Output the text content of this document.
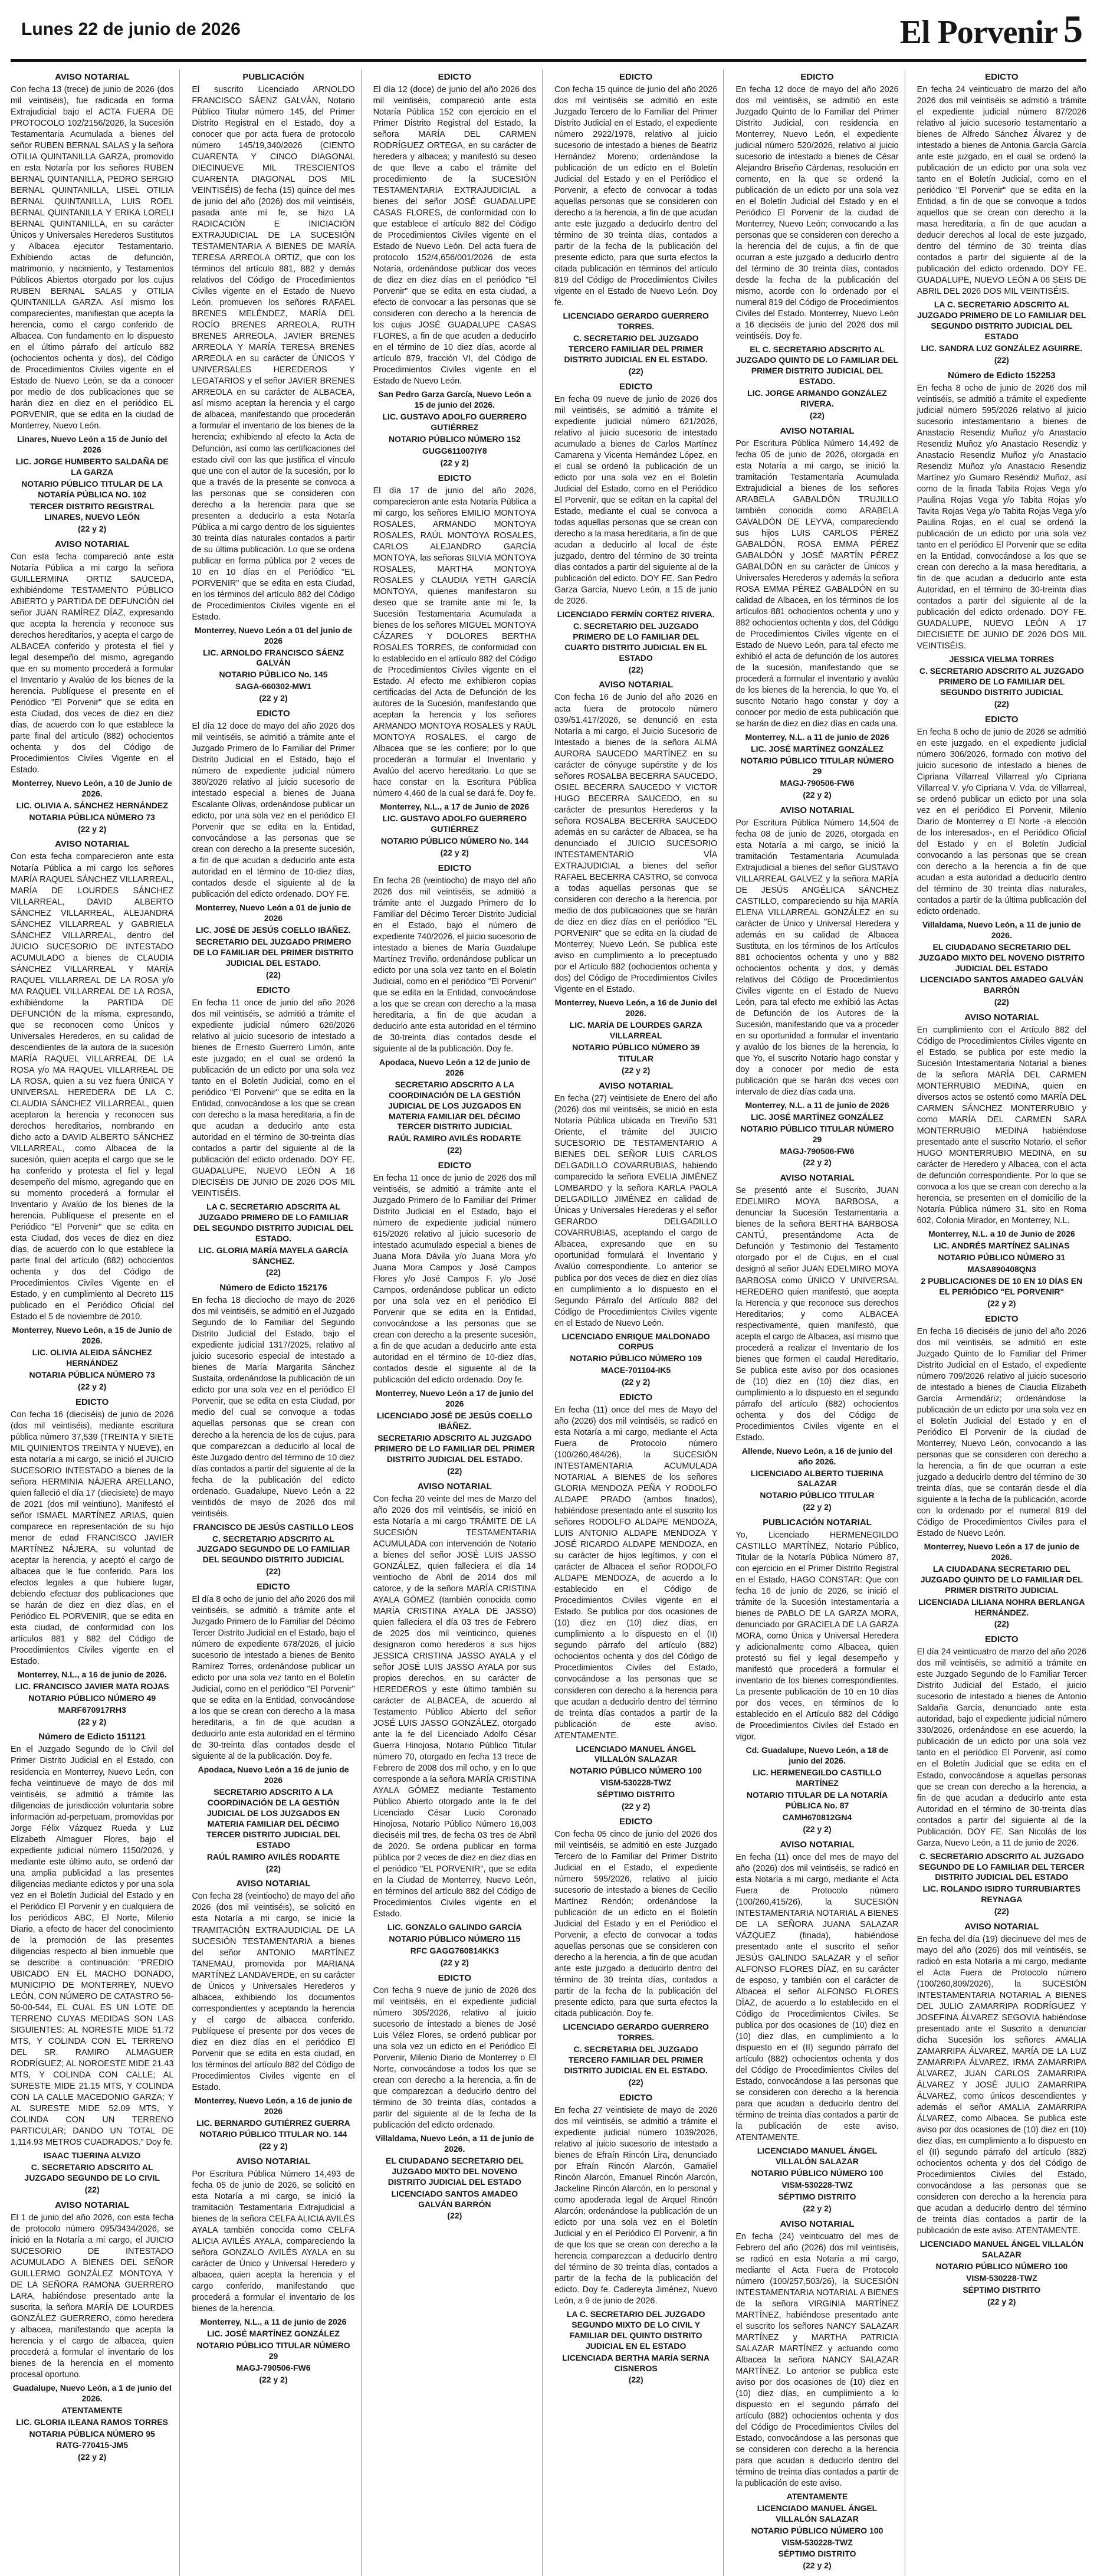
Lunes 22 de junio de 2026	El Porvenir 5
AVISO NOTARIAL

Con fecha 13 (trece) de junio de 2026 (dos mil veintiséis), fue radicada en forma Extrajudicial bajo el ACTA FUERA DE PROTOCOLO 102/2156/2026, la Sucesión Testamentaria Acumulada a bienes del señor RUBEN BERNAL SALAS y la señora OTILIA QUINTANILLA GARZA, promovido en esta Notaría por los señores RUBEN BERNAL QUINTANILLA, PEDRO SERGIO BERNAL QUINTANILLA, LISEL OTILIA BERNAL QUINTANILLA, LUIS ROEL BERNAL QUINTANILLA Y ERIKA LORELI BERNAL QUINTANILLA, en su carácter Únicos y Universales Herederos Sustitutos y Albacea ejecutor Testamentario. Exhibiendo actas de defunción, matrimonio, y nacimiento, y Testamentos Públicos Abiertos otorgado por los cujus RUBEN BERNAL SALAS y OTILIA QUINTANILLA GARZA. Así mismo los comparecientes, manifiestan que acepta la herencia, como el cargo conferido de Albacea. Con fundamento en lo dispuesto en el último párrafo del artículo 882 (ochocientos ochenta y dos), del Código de Procedimientos Civiles vigente en el Estado de Nuevo León, se da a conocer por medio de dos publicaciones que se harán diez en diez en el periódico EL PORVENIR, que se edita en la ciudad de Monterrey, Nuevo León.

Linares, Nuevo León a 15 de Junio del 2026
LIC. JORGE HUMBERTO SALDAÑA DE LA GARZA
NOTARIO PÚBLICO TITULAR DE LA NOTARÍA PÚBLICA NO. 102
TERCER DISTRITO REGISTRAL LINARES, NUEVO LEÓN
(22 y 2)
AVISO NOTARIAL

Con esta fecha compareció ante esta Notaría Pública a mi cargo la señora GUILLERMINA ORTIZ SAUCEDA, exhibiéndome TESTAMENTO PÚBLICO ABIERTO y PARTIDA DE DEFUNCIÓN del señor JUAN RAMÍREZ DÍAZ, expresando que acepta la herencia y reconoce sus derechos hereditarios, y acepta el cargo de ALBACEA conferido y protesta el fiel y legal desempeño del mismo, agregando que en su momento procederá a formular el Inventario y Avalúo de los bienes de la herencia. Publíquese el presente en el Periódico "El Porvenir" que se edita en esta Ciudad, dos veces de diez en diez días, de acuerdo con lo que establece la parte final del artículo (882) ochocientos ochenta y dos del Código de Procedimientos Civiles Vigente en el Estado.

Monterrey, Nuevo León, a 10 de Junio de 2026.
LIC. OLIVIA A. SÁNCHEZ HERNÁNDEZ
NOTARIA PÚBLICA NÚMERO 73
(22 y 2)
AVISO NOTARIAL

Con esta fecha comparecieron ante esta Notaría Pública a mi cargo los señores MARÍA RAQUEL SÁNCHEZ VILLARREAL, MARÍA DE LOURDES SÁNCHEZ VILLARREAL, DAVID ALBERTO SÁNCHEZ VILLARREAL, ALEJANDRA SÁNCHEZ VILLARREAL y GABRIELA SÁNCHEZ VILLARREAL, dentro del JUICIO SUCESORIO DE INTESTADO ACUMULADO a bienes de CLAUDIA SÁNCHEZ VILLARREAL Y MARÍA RAQUEL VILLARREAL DE LA ROSA y/o MA RAQUEL VILLARREAL DE LA ROSA, exhibiéndome la PARTIDA DE DEFUNCIÓN de la misma, expresando, que se reconocen como Únicos y Universales Herederos, en su calidad de descendientes de la autora de la sucesión MARÍA RAQUEL VILLARREAL DE LA ROSA y/o MA RAQUEL VILLARREAL DE LA ROSA, quien a su vez fuera ÚNICA Y UNIVERSAL HEREDERA DE LA C. CLAUDIA SÁNCHEZ VILLARREAL, quien aceptaron la herencia y reconocen sus derechos hereditarios, nombrando en dicho acto a DAVID ALBERTO SÁNCHEZ VILLARREAL, como Albacea de la sucesión, quien acepta el cargo que se le ha conferido y protesta el fiel y legal desempeño del mismo, agregando que en su momento procederá a formular el Inventario y Avalúo de los bienes de la herencia. Publíquese el presente en el Periódico "El Porvenir" que se edita en esta Ciudad, dos veces de diez en diez días, de acuerdo con lo que establece la parte final del artículo (882) ochocientos ochenta y dos del Código de Procedimientos Civiles Vigente en el Estado, y en cumplimiento al Decreto 115 publicado en el Periódico Oficial del Estado el 5 de noviembre de 2010.

Monterrey, Nuevo León, a 15 de Junio de 2026.
LIC. OLIVIA ALEIDA SÁNCHEZ HERNÁNDEZ
NOTARIA PÚBLICA NÚMERO 73
(22 y 2)
EDICTO

Con fecha 16 (dieciséis) de junio de 2026 (dos mil veintiséis), mediante escritura pública número 37,539 (TREINTA Y SIETE MIL QUINIENTOS TREINTA Y NUEVE), en esta notaría a mi cargo, se inició el JUICIO SUCESORIO INTESTADO a bienes de la señora HERMINIA NÁJERA ARELLANO, quien falleció el día 17 (diecisiete) de mayo de 2021 (dos mil veintiuno). Manifestó el señor ISMAEL MARTÍNEZ ARIAS, quien comparece en representación de su hijo menor de edad FRANCISCO JAVIER MARTÍNEZ NÁJERA, su voluntad de aceptar la herencia, y aceptó el cargo de albacea que le fue conferido. Para los efectos legales a que hubiere lugar, debiendo efectuar dos publicaciones que se harán de diez en diez días, en el Periódico EL PORVENIR, que se edita en esta ciudad, de conformidad con los artículos 881 y 882 del Código de Procedimientos Civiles vigente en el Estado.

Monterrey, N.L., a 16 de junio de 2026.
LIC. FRANCISCO JAVIER MATA ROJAS
NOTARIO PÚBLICO NÚMERO 49
MARF670917RH3
(22 y 2)
Número de Edicto 151121

En el Juzgado Segundo de lo Civil del Primer Distrito Judicial en el Estado, con residencia en Monterrey, Nuevo León, con fecha veintinueve de mayo de dos mil veintiséis, se admitió a trámite las diligencias de jurisdicción voluntaria sobre información ad-perpetuam, promovidas por Jorge Félix Vázquez Rueda y Luz Elizabeth Almaguer Flores, bajo el expediente judicial número 1150/2026, y mediante este último auto, se ordenó dar una amplia publicidad a las presentes diligencias mediante edictos y por una sola vez en el Boletín Judicial del Estado y en el Periódico El Porvenir y en cualquiera de los periódicos ABC, El Norte, Milenio Diario, a efecto de hacer del conocimiento de la promoción de las presentes diligencias respecto al bien inmueble que se describe a continuación: "PREDIO UBICADO EN EL MACHO DONADO, MUNICIPIO DE MONTERREY, NUEVO LEÓN, CON NÚMERO DE CATASTRO 56-50-00-544, EL CUAL ES UN LOTE DE TERRENO CUYAS MEDIDAS SON LAS SIGUIENTES: AL NORESTE MIDE 51.72 MTS, Y COLINDA CON EL TERRENO DEL SR. RAMIRO ALMAGUER RODRÍGUEZ; AL NOROESTE MIDE 21.43 MTS, Y COLINDA CON CALLE; AL SURESTE MIDE 21.15 MTS, Y COLINDA CON LA CALLE MACEDONIO GARZA; Y AL SURESTE MIDE 52.09 MTS, Y COLINDA CON UN TERRENO PARTICULAR; DANDO UN TOTAL DE 1,114.93 METROS CUADRADOS." Doy fe.

ISAAC TIJERINA ALVIZO
C. SECRETARIO ADSCRITO AL JUZGADO SEGUNDO DE LO CIVIL
(22)
AVISO NOTARIAL

El 1 de junio del año 2026, con esta fecha de protocolo número 095/3434/2026, se inició en la Notaría a mi cargo, el JUICIO SUCESORIO DE INTESTADO ACUMULADO A BIENES DEL SEÑOR GUILLERMO GONZÁLEZ MONTOYA Y DE LA SEÑORA RAMONA GUERRERO LARA, habiéndose presentado ante la suscrita, la señora MARÍA DE LOURDES GONZÁLEZ GUERRERO, como heredera y albacea, manifestando que acepta la herencia y el cargo de albacea, quien procederá a formular el inventario de los bienes de la herencia en el momento procesal oportuno.

Guadalupe, Nuevo León, a 1 de junio del 2026.
ATENTAMENTE
LIC. GLORIA ILEANA RAMOS TORRES
NOTARIA PÚBLICA NÚMERO 95
RATG-770415-JM5
(22 y 2)
PUBLICACIÓN

El suscrito Licenciado ARNOLDO FRANCISCO SÁENZ GALVÁN, Notario Público Titular número 145, del Primer Distrito Registral en el Estado, doy a conocer que por acta fuera de protocolo número 145/19,340/2026 (CIENTO CUARENTA Y CINCO DIAGONAL DIECINUEVE MIL TRESCIENTOS CUARENTA DIAGONAL DOS MIL VEINTISÉIS) de fecha (15) quince del mes de junio del año (2026) dos mil veintiséis, pasada ante mí fe, se hizo LA RADICACIÓN E INICIACIÓN EXTRAJUDICIAL DE LA SUCESIÓN TESTAMENTARIA A BIENES DE MARÍA TERESA ARREOLA ORTIZ, que con los términos del artículo 881, 882 y demás relativos del Código de Procedimientos Civiles vigente en el Estado de Nuevo León, promueven los señores RAFAEL BRENES MELÉNDEZ, MARÍA DEL ROCÍO BRENES ARREOLA, RUTH BRENES ARREOLA, JAVIER BRENES ARREOLA Y MARÍA TERESA BRENES ARREOLA en su carácter de ÚNICOS Y UNIVERSALES HEREDEROS Y LEGATARIOS y el señor JAVIER BRENES ARREOLA en su carácter de ALBACEA, así mismo aceptan la herencia y el cargo de albacea, manifestando que procederán a formular el inventario de los bienes de la herencia; exhibiendo al efecto la Acta de Defunción, así como las certificaciones del estado civil con las que justifica el vínculo que une con el autor de la sucesión, por lo que a través de la presente se convoca a las personas que se consideren con derecho a la herencia para que se presenten a deducirlo a esta Notaría Pública a mi cargo dentro de los siguientes 30 treinta días naturales contados a partir de su última publicación. Lo que se ordena publicar en forma pública por 2 veces de 10 en 10 días en el Periódico "EL PORVENIR" que se edita en esta Ciudad, en los términos del artículo 882 del Código de Procedimientos Civiles vigente en el Estado.

Monterrey, Nuevo León a 01 del junio de 2026
LIC. ARNOLDO FRANCISCO SÁENZ GALVÁN
NOTARIO PÚBLICO No. 145
SAGA-660302-MW1
(22 y 2)
EDICTO

El día 12 doce de mayo del año 2026 dos mil veintiséis, se admitió a trámite ante el Juzgado Primero de lo Familiar del Primer Distrito Judicial en el Estado, bajo el número de expediente judicial número 380/2026 relativo al juicio sucesorio de intestado especial a bienes de Juana Escalante Olivas, ordenándose publicar un edicto, por una sola vez en el periódico El Porvenir que se edita en la Entidad, convocándose a las personas que se crean con derecho a la presente sucesión, a fin de que acudan a deducirlo ante esta autoridad en el término de 10-diez días, contados desde el siguiente al de la publicación del edicto ordenado. DOY FE.

Monterrey, Nuevo León a 01 de junio de 2026
LIC. JOSÉ DE JESÚS COELLO IBÁÑEZ.
SECRETARIO DEL JUZGADO PRIMERO DE LO FAMILIAR DEL PRIMER DISTRITO JUDICIAL DEL ESTADO.
(22)
EDICTO

En fecha 11 once de junio del año 2026 dos mil veintiséis, se admitió a trámite el expediente judicial número 626/2026 relativo al juicio sucesorio de intestado a bienes de Ernesto Guerrero Limón, ante este juzgado; en el cual se ordenó la publicación de un edicto por una sola vez tanto en el Boletín Judicial, como en el periódico "El Porvenir" que se edita en la Entidad, convocándose a los que se crean con derecho a la masa hereditaria, a fin de que acudan a deducirlo ante esta autoridad en el término de 30-treinta días contados a partir del siguiente al de la publicación del edicto ordenado. DOY FE. GUADALUPE, NUEVO LEÓN A 16 DIECISÉIS DE JUNIO DE 2026 DOS MIL VEINTISÉIS.

LA C. SECRETARIO ADSCRITA AL JUZGADO PRIMERO DE LO FAMILIAR DEL SEGUNDO DISTRITO JUDICIAL DEL ESTADO.
LIC. GLORIA MARÍA MAYELA GARCÍA SÁNCHEZ.
(22)
Número de Edicto 152176

En fecha 18 dieciocho de mayo de 2026 dos mil veintiséis, se admitió en el Juzgado Segundo de lo Familiar del Segundo Distrito Judicial del Estado, bajo el expediente judicial 1317/2025, relativo al juicio sucesorio especial de intestado a bienes de María Margarita Sánchez Sustaita, ordenándose la publicación de un edicto por una sola vez en el periódico El Porvenir, que se edita en esta Ciudad, por medio del cual se convoque a todas aquellas personas que se crean con derecho a la herencia de los de cujus, para que comparezcan a deducirlo al local de éste Juzgado dentro del término de 10 diez días contados a partir del siguiente al de la fecha de la publicación del edicto ordenado. Guadalupe, Nuevo León a 22 veintidós de mayo de 2026 dos mil veintiséis.

FRANCISCO DE JESÚS CASTILLO LEOS
C. SECRETARIO ADSCRITO AL JUZGADO SEGUNDO DE LO FAMILIAR DEL SEGUNDO DISTRITO JUDICIAL
(22)
EDICTO

El día 8 ocho de junio del año 2026 dos mil veintiséis, se admitió a trámite ante el Juzgado Primero de lo Familiar del Décimo Tercer Distrito Judicial en el Estado, bajo el número de expediente 678/2026, el juicio sucesorio de intestado a bienes de Benito Ramírez Torres, ordenándose publicar un edicto por una sola vez tanto en el Boletín Judicial, como en el periódico "El Porvenir" que se edita en la Entidad, convocándose a los que se crean con derecho a la masa hereditaria, a fin de que acudan a deducirlo ante esta autoridad en el término de 30-treinta días contados desde el siguiente al de la publicación. Doy fe.

Apodaca, Nuevo León a 16 de junio de 2026
SECRETARIO ADSCRITO A LA COORDINACIÓN DE LA GESTIÓN JUDICIAL DE LOS JUZGADOS EN MATERIA FAMILIAR DEL DÉCIMO TERCER DISTRITO JUDICIAL DEL ESTADO
RAÚL RAMIRO AVILÉS RODARTE
(22)
AVISO NOTARIAL

Con fecha 28 (veintiocho) de mayo del año 2026 (dos mil veintiséis), se solicitó en esta Notaría a mi cargo, se inicie la TRAMITACIÓN EXTRAJUDICIAL DE LA SUCESIÓN TESTAMENTARIA a bienes del señor ANTONIO MARTÍNEZ TANEMAU, promovida por MARIANA MARTÍNEZ LANDAVERDE, en su carácter de Únicos y Universales Herederos y albacea, exhibiendo los documentos correspondientes y aceptando la herencia y el cargo de albacea conferido. Publíquese el presente por dos veces de diez en diez días en el periódico El Porvenir que se edita en esta ciudad, en los términos del artículo 882 del Código de Procedimientos Civiles vigente en el Estado.

Monterrey, Nuevo León, a 16 de junio de 2026
LIC. BERNARDO GUTIÉRREZ GUERRA
NOTARIO PÚBLICO TITULAR NO. 144
(22 y 2)
AVISO NOTARIAL

Por Escritura Pública Número 14,493 de fecha 05 de junio de 2026, se solicitó en esta Notaría a mi cargo, se inició la tramitación Testamentaria Extrajudicial a bienes de la señora CELFA ALICIA AVILÉS AYALA también conocida como CELFA ALICIA AVILÉS AYALA, compareciendo la señora GONZALO AVILÉS AYALA en su carácter de Único y Universal Heredero y albacea, quien acepta la herencia y el cargo conferido, manifestando que procederá a formular el inventario de los bienes de la herencia.

Monterrey, N.L., a 11 de junio de 2026
LIC. JOSÉ MARTÍNEZ GONZÁLEZ
NOTARIO PÚBLICO TITULAR NÚMERO 29
MAGJ-790506-FW6
(22 y 2)
EDICTO

El día 12 (doce) de junio del año 2026 dos mil veintiséis, compareció ante esta Notaría Pública 152 con ejercicio en el Primer Distrito Registral del Estado, la señora MARÍA DEL CARMEN RODRÍGUEZ ORTEGA, en su carácter de heredera y albacea; y manifestó su deseo de que lleve a cabo el trámite del procedimiento de la SUCESIÓN TESTAMENTARIA EXTRAJUDICIAL a bienes del señor JOSÉ GUADALUPE CASAS FLORES, de conformidad con lo que establece el artículo 882 del Código de Procedimientos Civiles vigente en el Estado de Nuevo León. Del acta fuera de protocolo 152/4,656/001/2026 de esta Notaría, ordenándose publicar dos veces de diez en diez días en el periódico "El Porvenir" que se edita en esta ciudad, a efecto de convocar a las personas que se consideren con derecho a la herencia de los cujus JOSÉ GUADALUPE CASAS FLORES, a fin de que acuden a deducirlo en el término de 10 diez días, acorde al artículo 879, fracción VI, del Código de Procedimientos Civiles vigente en el Estado de Nuevo León.

San Pedro Garza García, Nuevo León a 15 de junio del 2026.
LIC. GUSTAVO ADOLFO GUERRERO GUTIÉRREZ
NOTARIO PÚBLICO NÚMERO 152
GUGG611007IY8
(22 y 2)
EDICTO

El día 17 de junio del año 2026, comparecieron ante esta Notaría Pública a mi cargo, los señores EMILIO MONTOYA ROSALES, ARMANDO MONTOYA ROSALES, RAÚL MONTOYA ROSALES, CARLOS ALEJANDRO GARCÍA MONTOYA, las señoras SILVIA MONTOYA ROSALES, MARTHA MONTOYA ROSALES y CLAUDIA YETH GARCÍA MONTOYA, quienes manifestaron su deseo que se tramite ante mi fe, la Sucesión Testamentaria Acumulada a bienes de los señores MIGUEL MONTOYA CÁZARES Y DOLORES BERTHA ROSALES TORRES, de conformidad con lo establecido en el artículo 882 del Código de Procedimientos Civiles vigente en el Estado. Al efecto me exhibieron copias certificadas del Acta de Defunción de los autores de la Sucesión, manifestando que aceptan la herencia y los señores ARMANDO MONTOYA ROSALES y RAÚL MONTOYA ROSALES, el cargo de Albacea que se les confiere; por lo que procederán a formular el Inventario y Avalúo del acervo hereditario. Lo que se hace constar en la Escritura Pública número 4,460 de la cual se dará fe. Doy fe.

Monterrey, N.L., a 17 de Junio de 2026
LIC. GUSTAVO ADOLFO GUERRERO GUTIÉRREZ
NOTARIO PÚBLICO NÚMERO No. 144
(22 y 2)
EDICTO

En fecha 28 (veintiocho) de mayo del año 2026 dos mil veintiséis, se admitió a trámite ante el Juzgado Primero de lo Familiar del Décimo Tercer Distrito Judicial en el Estado, bajo el número de expediente 740/2026, el juicio sucesorio de intestado a bienes de María Guadalupe Martínez Treviño, ordenándose publicar un edicto por una sola vez tanto en el Boletín Judicial, como en el periódico "El Porvenir" que se edita en la Entidad, convocándose a los que se crean con derecho a la masa hereditaria, a fin de que acudan a deducirlo ante esta autoridad en el término de 30-treinta días contados desde el siguiente al de la publicación. Doy fe.

Apodaca, Nuevo León a 12 de junio de 2026
SECRETARIO ADSCRITO A LA COORDINACIÓN DE LA GESTIÓN JUDICIAL DE LOS JUZGADOS EN MATERIA FAMILIAR DEL DÉCIMO TERCER DISTRITO JUDICIAL
RAÚL RAMIRO AVILÉS RODARTE
(22)
EDICTO

En fecha 11 once de junio de 2026 dos mil veintiséis, se admitió a trámite ante el Juzgado Primero de lo Familiar del Primer Distrito Judicial en el Estado, bajo el número de expediente judicial número 615/2026 relativo al juicio sucesorio de intestado acumulado especial a bienes de Juana Mora Dávila y/o Juana Mora y/o Juana Mora Campos y José Campos Flores y/o José Campos F. y/o José Campos, ordenándose publicar un edicto por una sola vez en el periódico El Porvenir que se edita en la Entidad, convocándose a las personas que se crean con derecho a la presente sucesión, a fin de que acudan a deducirlo ante esta autoridad en el término de 10-diez días, contados desde el siguiente al de la publicación del edicto ordenado. Doy fe.

Monterrey, Nuevo León a 17 de junio del 2026
LICENCIADO JOSÉ DE JESÚS COELLO IBÁÑEZ.
SECRETARIO ADSCRITO AL JUZGADO PRIMERO DE LO FAMILIAR DEL PRIMER DISTRITO JUDICIAL DEL ESTADO.
(22)
AVISO NOTARIAL

Con fecha 20 veinte del mes de Marzo del año 2026 dos mil veintiséis, se inició en esta Notaría a mi cargo TRÁMITE DE LA SUCESIÓN TESTAMENTARIA ACUMULADA con intervención de Notario a bienes del señor JOSÉ LUIS JASSO GONZÁLEZ, quien falleciera el día 14 veintiocho de Abril de 2014 dos mil catorce, y de la señora MARÍA CRISTINA AYALA GÓMEZ (también conocida como MARÍA CRISTINA AYALA DE JASSO) quien falleciera el día 03 tres de Febrero de 2025 dos mil veinticinco, quienes designaron como herederos a sus hijos JESSICA CRISTINA JASSO AYALA y el señor JOSÉ LUIS JASSO AYALA por sus propios derechos, en su carácter de HEREDEROS y este último también su carácter de ALBACEA, de acuerdo al Testamento Público Abierto del señor JOSÉ LUIS JASSO GONZÁLEZ, otorgado ante la fe del Licenciado Adolfo César Guerra Hinojosa, Notario Público Titular número 70, otorgado en fecha 13 trece de Febrero de 2008 dos mil ocho, y en lo que corresponde a la señora MARÍA CRISTINA AYALA GÓMEZ mediante Testamento Público Abierto otorgado ante la fe del Licenciado César Lucio Coronado Hinojosa, Notario Público Número 16,003 dieciséis mil tres, de fecha 03 tres de Abril de 2020. Se ordena publicar en forma pública por 2 veces de diez en diez días en el periódico "EL PORVENIR", que se edita en la Ciudad de Monterrey, Nuevo León, en términos del artículo 882 del Código de Procedimientos Civiles vigente en el Estado.

LIC. GONZALO GALINDO GARCÍA
NOTARIO PÚBLICO NÚMERO 115
RFC GAGG760814KK3
(22 y 2)
EDICTO

Con fecha 9 nueve de junio de 2026 dos mil veintiséis, en el expediente judicial número 305/2026, relativo al juicio sucesorio de intestado a bienes de José Luis Vélez Flores, se ordenó publicar por una sola vez un edicto en el Periódico El Porvenir, Milenio Diario de Monterrey o El Norte, convocándose a todos los que se crean con derecho a la herencia, a fin de que comparezcan a deducirlo dentro del término de 30 treinta días, contados a partir del siguiente al de la fecha de la publicación del edicto ordenado.

Villaldama, Nuevo León, a 11 de junio de 2026.
EL CIUDADANO SECRETARIO DEL JUZGADO MIXTO DEL NOVENO DISTRITO JUDICIAL DEL ESTADO
LICENCIADO SANTOS AMADEO GALVÁN BARRÓN
(22)
EDICTO

Con fecha 15 quince de junio del año 2026 dos mil veintiséis se admitió en este Juzgado Tercero de lo Familiar del Primer Distrito Judicial en el Estado, el expediente número 2922/1978, relativo al juicio sucesorio de intestado a bienes de Beatriz Hernández Moreno; ordenándose la publicación de un edicto en el Boletín Judicial del Estado y en el Periódico el Porvenir, a efecto de convocar a todas aquellas personas que se consideren con derecho a la herencia, a fin de que acudan ante este juzgado a deducirlo dentro del término de 30 treinta días, contados a partir de la fecha de la publicación del presente edicto, para que surta efectos la citada publicación en términos del artículo 819 del Código de Procedimientos Civiles vigente en el Estado de Nuevo León. Doy fe.

LICENCIADO GERARDO GUERRERO TORRES.
C. SECRETARIO DEL JUZGADO TERCERO FAMILIAR DEL PRIMER DISTRITO JUDICIAL EN EL ESTADO.
(22)
EDICTO

En fecha 09 nueve de junio de 2026 dos mil veintiséis, se admitió a trámite el expediente judicial número 621/2026, relativo al juicio sucesorio de intestado acumulado a bienes de Carlos Martínez Camarena y Vicenta Hernández López, en el cual se ordenó la publicación de un edicto por una sola vez en el Boletín Judicial del Estado, como en el Periódico El Porvenir, que se editan en la capital del Estado, mediante el cual se convoca a todas aquellas personas que se crean con derecho a la masa hereditaria, a fin de que acudan a deducirlo al local de éste juzgado, dentro del término de 30 treinta días contados a partir del siguiente al de la publicación del edicto. DOY FE. San Pedro Garza García, Nuevo León, a 15 de junio de 2026.

LICENCIADO FERMÍN CORTEZ RIVERA.
C. SECRETARIO DEL JUZGADO PRIMERO DE LO FAMILIAR DEL CUARTO DISTRITO JUDICIAL EN EL ESTADO
(22)
AVISO NOTARIAL

Con fecha 16 de Junio del año 2026 en acta fuera de protocolo número 039/51.417/2026, se denunció en esta Notaría a mi cargo, el Juicio Sucesorio de Intestado a bienes de la señora ALMA AURORA SAUCEDO MARTÍNEZ en su carácter de cónyuge supérstite y de los señores ROSALBA BECERRA SAUCEDO, OSIEL BECERRA SAUCEDO Y VICTOR HUGO BECERRA SAUCEDO, en su carácter de presuntos Herederos y la señora ROSALBA BECERRA SAUCEDO además en su carácter de Albacea, se ha denunciado el JUICIO SUCESORIO INTESTAMENTARIO VÍA EXTRAJUDICIAL a bienes del señor RAFAEL BECERRA CASTRO, se convoca a todas aquellas personas que se consideren con derecho a la herencia, por medio de dos publicaciones que se harán de diez en diez días en el periódico "EL PORVENIR" que se edita en la ciudad de Monterrey, Nuevo León. Se publica este aviso en cumplimiento a lo preceptuado por el Artículo 882 (ochocientos ochenta y dos) del Código de Procedimientos Civiles Vigente en el Estado.

Monterrey, Nuevo León, a 16 de Junio del 2026.
LIC. MARÍA DE LOURDES GARZA VILLARREAL
NOTARIO PÚBLICO NÚMERO 39
TITULAR
(22 y 2)
AVISO NOTARIAL

En fecha (27) veintisiete de Enero del año (2026) dos mil veintiséis, se inició en esta Notaría Pública ubicada en Treviño 531 Oriente, el trámite del JUICIO SUCESORIO DE TESTAMENTARIO A BIENES DEL SEÑOR LUIS CARLOS DELGADILLO COVARRUBIAS, habiendo comparecido la señora EVELIA JIMÉNEZ LOMBARDO y la señora KARLA PAOLA DELGADILLO JIMÉNEZ en calidad de Únicas y Universales Herederas y el señor GERARDO DELGADILLO COVARRUBIAS, aceptando el cargo de Albacea, expresando que en su oportunidad formulará el Inventario y Avalúo correspondiente. Lo anterior se publica por dos veces de diez en diez días en cumplimiento a lo dispuesto en el Segundo Párrafo del Artículo 882 del Código de Procedimientos Civiles vigente en el Estado de Nuevo León.

LICENCIADO ENRIQUE MALDONADO CORPUS
NOTARIO PÚBLICO NÚMERO 109
MACE-701104-IK5
(22 y 2)
EDICTO

En fecha (11) once del mes de Mayo del año (2026) dos mil veintiséis, se radicó en esta Notaría a mi cargo, mediante el Acta Fuera de Protocolo número (100/260,464/26), la SUCESIÓN INTESTAMENTARIA ACUMULADA NOTARIAL A BIENES de los señores GLORIA MENDOZA PEÑA Y RODOLFO ALDAPE PRADO (ambos finados), habiéndose presentado ante el suscrito los señores RODOLFO ALDAPE MENDOZA, LUIS ANTONIO ALDAPE MENDOZA Y JOSÉ RICARDO ALDAPE MENDOZA, en su carácter de hijos legítimos, y con el carácter de Albacea el señor RODOLFO ALDAPE MENDOZA, de acuerdo a lo establecido en el Código de Procedimientos Civiles vigente en el Estado. Se publica por dos ocasiones de (10) diez en (10) diez días, en cumplimiento a lo dispuesto en el (II) segundo párrafo del artículo (882) ochocientos ochenta y dos del Código de Procedimientos Civiles del Estado, convocándose a las personas que se consideren con derecho a la herencia para que acudan a deducirlo dentro del término de treinta días contados a partir de la publicación de este aviso. ATENTAMENTE.

LICENCIADO MANUEL ÁNGEL VILLALÓN SALAZAR
NOTARIO PÚBLICO NÚMERO 100
VISM-530228-TWZ
SÉPTIMO DISTRITO
(22 y 2)
EDICTO

Con fecha 05 cinco de junio del 2026 dos mil veintiséis, se admitió en este Juzgado Tercero de lo Familiar del Primer Distrito Judicial en el Estado, el expediente número 595/2026, relativo al juicio sucesorio de intestado a bienes de Cecilio Martínez Rendón; ordenándose la publicación de un edicto en el Boletín Judicial del Estado y en el Periódico el Porvenir, a efecto de convocar a todas aquellas personas que se consideren con derecho a la herencia, a fin de que acudan ante este juzgado a deducirlo dentro del término de 30 treinta días, contados a partir de la fecha de la publicación del presente edicto, para que surta efectos la citada publicación. Doy fe.

LICENCIADO GERARDO GUERRERO TORRES.
C. SECRETARIA DEL JUZGADO TERCERO FAMILIAR DEL PRIMER DISTRITO JUDICIAL EN EL ESTADO.
(22)
EDICTO

En fecha 27 veintisiete de mayo de 2026 dos mil veintiséis, se admitió a trámite el expediente judicial número 1039/2026, relativo al juicio sucesorio de intestado a bienes de Efraín Rincón Lira, denunciado por Efraín Rincón Alarcón, Gamaliel Rincón Alarcón, Emanuel Rincón Alarcón, Jackeline Rincón Alarcón, en lo personal y como apoderada legal de Arquel Rincón Alarcón; ordenándose la publicación de un edicto por una sola vez en el Boletín Judicial y en el Periódico El Porvenir, a fin de que los que se crean con derecho a la herencia comparezcan a deducirlo dentro del término de 30 treinta días, contados a partir de la fecha de la publicación del edicto. Doy fe. Cadereyta Jiménez, Nuevo León, a 9 de junio de 2026.

LA C. SECRETARIO DEL JUZGADO SEGUNDO MIXTO DE LO CIVIL Y FAMILIAR DEL QUINTO DISTRITO JUDICIAL EN EL ESTADO
LICENCIADA BERTHA MARÍA SERNA CISNEROS
(22)
EDICTO

En fecha 12 doce de mayo del año 2026 dos mil veintiséis, se admitió en este Juzgado Quinto de lo Familiar del Primer Distrito Judicial, con residencia en Monterrey, Nuevo León, el expediente judicial número 520/2026, relativo al juicio sucesorio de intestado a bienes de César Alejandro Briseño Cárdenas, resolución en comento, en la que se ordenó la publicación de un edicto por una sola vez en el Boletín Judicial del Estado y en el Periódico El Porvenir de la ciudad de Monterrey, Nuevo León; convocando a las personas que se consideren con derecho a la herencia del de cujus, a fin de que ocurran a este juzgado a deducirlo dentro del término de 30 treinta días, contados desde la fecha de la publicación del mismo, acorde con lo ordenado por el numeral 819 del Código de Procedimientos Civiles del Estado. Monterrey, Nuevo León a 16 dieciséis de junio del 2026 dos mil veintiséis. Doy fe.

EL C. SECRETARIO ADSCRITO AL JUZGADO QUINTO DE LO FAMILIAR DEL PRIMER DISTRITO JUDICIAL DEL ESTADO.
LIC. JORGE ARMANDO GONZÁLEZ RIVERA.
(22)
AVISO NOTARIAL

Por Escritura Pública Número 14,492 de fecha 05 de junio de 2026, otorgada en esta Notaría a mi cargo, se inició la tramitación Testamentaria Acumulada Extrajudicial a bienes de los señores ARABELA GABALDÓN TRUJILLO también conocida como ARABELA GAVALDÓN DE LEYVA, compareciendo sus hijos LUIS CARLOS PÉREZ GABALDÓN, ROSA EMMA PÉREZ GABALDÓN y JOSÉ MARTÍN PÉREZ GABALDÓN en su carácter de Únicos y Universales Herederos y además la señora ROSA EMMA PÉREZ GABALDÓN en su calidad de Albacea, en los términos de los artículos 881 ochocientos ochenta y uno y 882 ochocientos ochenta y dos, del Código de Procedimientos Civiles vigente en el Estado de Nuevo León, para tal efecto me exhibió el acta de defunción de los autores de la sucesión, manifestando que se procederá a formular el inventario y avalúo de los bienes de la herencia, lo que Yo, el suscrito Notario hago constar y doy a conocer por medio de esta publicación que se harán de diez en diez días en cada una.

Monterrey, N.L. a 11 de junio de 2026
LIC. JOSÉ MARTÍNEZ GONZÁLEZ
NOTARIO PÚBLICO TITULAR NÚMERO 29
MAGJ-790506-FW6
(22 y 2)
AVISO NOTARIAL

Por Escritura Pública Número 14,504 de fecha 08 de junio de 2026, otorgada en esta Notaría a mi cargo, se inició la tramitación Testamentaria Acumulada Extrajudicial a bienes del señor GUSTAVO VILLARREAL GALVEZ y la señora MARÍA DE JESÚS ANGÉLICA SÁNCHEZ CASTILLO, compareciendo su hija MARÍA ELENA VILLARREAL GONZÁLEZ en su carácter de Único y Universal Heredera y además en su calidad de Albacea Sustituta, en los términos de los Artículos 881 ochocientos ochenta y uno y 882 ochocientos ochenta y dos, y demás relativos del Código de Procedimientos Civiles vigente en el Estado de Nuevo León, para tal efecto me exhibió las Actas de Defunción de los Autores de la Sucesión, manifestando que va a proceder en su oportunidad a formular el inventario y avalúo de los bienes de la herencia, lo que Yo, el suscrito Notario hago constar y doy a conocer por medio de esta publicación que se harán dos veces con intervalo de diez días cada una.

Monterrey, N.L. a 11 de junio de 2026
LIC. JOSÉ MARTÍNEZ GONZÁLEZ
NOTARIO PÚBLICO TITULAR NÚMERO 29
MAGJ-790506-FW6
(22 y 2)
AVISO NOTARIAL

Se presentó ante el Suscrito, JUAN EDELMIRO MOYA BARBOSA, a denunciar la Sucesión Testamentaria a bienes de la señora BERTHA BARBOSA CANTÚ, presentándome Acta de Defunción y Testimonio del Testamento otorgado por el de Cujus, en el cual designó al señor JUAN EDELMIRO MOYA BARBOSA como ÚNICO Y UNIVERSAL HEREDERO quien manifestó, que acepta la Herencia y que reconoce sus derechos Hereditarios; y como ALBACEA respectivamente, quien manifestó, que acepta el cargo de Albacea, así mismo que procederá a realizar el Inventario de los bienes que formen el caudal Hereditario. Se publica este aviso por dos ocasiones de (10) diez en (10) diez días, en cumplimiento a lo dispuesto en el segundo párrafo del artículo (882) ochocientos ochenta y dos del Código de Procedimientos Civiles vigente en el Estado.

Allende, Nuevo León, a 16 de junio del año 2026.
LICENCIADO ALBERTO TIJERINA SALAZAR
NOTARIO PÚBLICO TITULAR
(22 y 2)
PUBLICACIÓN NOTARIAL

Yo, Licenciado HERMENEGILDO CASTILLO MARTÍNEZ, Notario Público, Titular de la Notaría Pública Número 87, con ejercicio en el Primer Distrito Registral en el Estado, HAGO CONSTAR: Que con fecha 16 de junio de 2026, se inició el trámite de la Sucesión Intestamentaria a bienes de PABLO DE LA GARZA MORA, denunciado por GRACIELA DE LA GARZA MORA, como Única y Universal Heredera y adicionalmente como Albacea, quien protestó su fiel y legal desempeño y manifestó que procederá a formular el inventario de los bienes correspondientes. La presente publicación de 10 en 10 días por dos veces, en términos de lo establecido en el Artículo 882 del Código de Procedimientos Civiles del Estado en vigor.

Cd. Guadalupe, Nuevo León, a 18 de junio del 2026.
LIC. HERMENEGILDO CASTILLO MARTÍNEZ
NOTARIO TITULAR DE LA NOTARÍA PÚBLICA No. 87
CAMH670812GN4
(22 y 2)
AVISO NOTARIAL

En fecha (11) once del mes de mayo del año (2026) dos mil veintiséis, se radicó en esta Notaría a mi cargo, mediante el Acta Fuera de Protocolo número (100/260,415/26), la SUCESIÓN INTESTAMENTARIA NOTARIAL A BIENES DE LA SEÑORA JUANA SALAZAR VÁZQUEZ (finada), habiéndose presentado ante el suscrito el señor JESÚS GALINDO SALAZAR y el señor ALFONSO FLORES DÍAZ, en su carácter de esposo, y también con el carácter de Albacea el señor ALFONSO FLORES DÍAZ, de acuerdo a lo establecido en el Código de Procedimientos Civiles. Se publica por dos ocasiones de (10) diez en (10) diez días, en cumplimiento a lo dispuesto en el (II) segundo párrafo del artículo (882) ochocientos ochenta y dos del Código de Procedimientos Civiles del Estado, convocándose a las personas que se consideren con derecho a la herencia para que acudan a deducirlo dentro del término de treinta días contados a partir de la publicación de este aviso. ATENTAMENTE.

LICENCIADO MANUEL ÁNGEL VILLALÓN SALAZAR
NOTARIO PÚBLICO NÚMERO 100
VISM-530228-TWZ
SÉPTIMO DISTRITO
(22 y 2)
AVISO NOTARIAL

En fecha (24) veinticuatro del mes de Febrero del año (2026) dos mil veintiséis, se radicó en esta Notaría a mi cargo, mediante el Acta Fuera de Protocolo número (100/257,503/26), la SUCESIÓN INTESTAMENTARIA NOTARIAL A BIENES de la señora VIRGINIA MARTÍNEZ MARTÍNEZ, habiéndose presentado ante el suscrito los señores NANCY SALAZAR MARTÍNEZ y MARTHA PATRICIA SALAZAR MARTÍNEZ y actuando como Albacea la señora NANCY SALAZAR MARTÍNEZ. Lo anterior se publica este aviso por dos ocasiones de (10) diez en (10) diez días, en cumplimiento a lo dispuesto en el segundo párrafo del artículo (882) ochocientos ochenta y dos del Código de Procedimientos Civiles del Estado, convocándose a las personas que se consideren con derecho a la herencia para que acudan a deducirlo dentro del término de treinta días contados a partir de la publicación de este aviso.

ATENTAMENTE
LICENCIADO MANUEL ÁNGEL VILLALÓN SALAZAR
NOTARIO PÚBLICO NÚMERO 100
VISM-530228-TWZ
SÉPTIMO DISTRITO
(22 y 2)
EDICTO

En fecha 24 veinticuatro de marzo del año 2026 dos mil veintiséis se admitió a trámite el expediente judicial número 87/2026 relativo al juicio sucesorio testamentario a bienes de Alfredo Sánchez Álvarez y de intestado a bienes de Antonia García García ante este juzgado, en el cual se ordenó la publicación de un edicto por una sola vez tanto en el Boletín Judicial, como en el periódico "El Porvenir" que se edita en la Entidad, a fin de que se convoque a todos aquellos que se crean con derecho a la masa hereditaria, a fin de que acudan a deducir derechos al local de este juzgado, dentro del término de 30 treinta días contados a partir del siguiente al de la publicación del edicto ordenado. DOY FE. GUADALUPE, NUEVO LEÓN A 06 SEIS DE ABRIL DEL 2026 DOS MIL VEINTISÉIS.

LA C. SECRETARIO ADSCRITO AL JUZGADO PRIMERO DE LO FAMILIAR DEL SEGUNDO DISTRITO JUDICIAL DEL ESTADO
LIC. SANDRA LUZ GONZÁLEZ AGUIRRE.
(22)
Número de Edicto 152253

En fecha 8 ocho de junio de 2026 dos mil veintiséis, se admitió a trámite el expediente judicial número 595/2026 relativo al juicio sucesorio intestamentario a bienes de Anastacio Resendiz Muñoz y/o Anastacio Resendiz Muñoz y/o Anastacio Resendiz y Anastacio Resendiz Muñoz y/o Anastacio Resendiz Muñoz y/o Anastacio Resendiz Martínez y/o Gumaro Reséndiz Muñoz, así como de la finada Tabita Rojas Vega y/o Paulina Rojas Vega y/o Tabita Rojas y/o Tavita Rojas Vega y/o Tabita Rojas Vega y/o Paulina Rojas, en el cual se ordenó la publicación de un edicto por una sola vez tanto en el periódico El Porvenir que se edita en la Entidad, convocándose a los que se crean con derecho a la masa hereditaria, a fin de que acudan a deducirlo ante esta Autoridad, en el término de 30-treinta días contados a partir del siguiente al de la publicación del edicto ordenado. DOY FE. GUADALUPE, NUEVO LEÓN A 17 DIECISIETE DE JUNIO DE 2026 DOS MIL VEINTISÉIS.

JESSICA VIELMA TORRES
C. SECRETARIO ADSCRITO AL JUZGADO PRIMERO DE LO FAMILIAR DEL SEGUNDO DISTRITO JUDICIAL
(22)
EDICTO

En fecha 8 ocho de junio de 2026 se admitió en este juzgado, en el expediente judicial número 306/2026, formado con motivo del juicio sucesorio de intestado a bienes de Cipriana Villarreal Villarreal y/o Cipriana Villarreal V. y/o Cipriana V. Vda. de Villarreal, se ordenó publicar un edicto por una sola vez en el periódico El Porvenir, Milenio Diario de Monterrey o El Norte -a elección de los interesados-, en el Periódico Oficial del Estado y en el Boletín Judicial convocando a las personas que se crean con derecho a la herencia a fin de que acudan a esta autoridad a deducirlo dentro del término de 30 treinta días naturales, contados a partir de la última publicación del edicto ordenado.

Villaldama, Nuevo León, a 11 de junio de 2026.
EL CIUDADANO SECRETARIO DEL JUZGADO MIXTO DEL NOVENO DISTRITO JUDICIAL DEL ESTADO
LICENCIADO SANTOS AMADEO GALVÁN BARRÓN
(22)
AVISO NOTARIAL

En cumplimiento con el Artículo 882 del Código de Procedimientos Civiles vigente en el Estado, se publica por este medio la Sucesión Intestamentaria Notarial a bienes de la señora MARÍA DEL CARMEN MONTERRUBIO MEDINA, quien en diversos actos se ostentó como MARÍA DEL CARMEN SÁNCHEZ MONTERRUBIO y como MARÍA DEL CARMEN SARA MONTERRUBIO MEDINA habiéndose presentado ante el suscrito Notario, el señor HUGO MONTERRUBIO MEDINA, en su carácter de Heredero y Albacea, con el acta de defunción correspondiente. Por lo que se convoca a los que se crean con derecho a la herencia, se presenten en el domicilio de la Notaría Pública número 31, sito en Roma 602, Colonia Mirador, en Monterrey, N.L.

Monterrey, N.L. a 10 de Junio de 2026
LIC. ANDRÉS MARTÍNEZ SALINAS
NOTARIO PÚBLICO NÚMERO 31
MASA890408QN3
2 PUBLICACIONES DE 10 EN 10 DÍAS EN EL PERIÓDICO "EL PORVENIR"
(22 y 2)
EDICTO

En fecha 16 dieciséis de junio del año 2026 dos mil veintiséis, se admitió en este Juzgado Quinto de lo Familiar del Primer Distrito Judicial en el Estado, el expediente número 709/2026 relativo al juicio sucesorio de intestado a bienes de Claudia Elizabeth García Armendáriz; ordenándose la publicación de un edicto por una sola vez en el Boletín Judicial del Estado y en el Periódico El Porvenir de la ciudad de Monterrey, Nuevo León, convocando a las personas que se consideren con derecho a la herencia, a fin de que ocurran a este juzgado a deducirlo dentro del término de 30 treinta días, que se contarán desde el día siguiente a la fecha de la publicación, acorde con lo ordenado por el numeral 819 del Código de Procedimientos Civiles para el Estado de Nuevo León.

Monterrey, Nuevo León a 17 de junio de 2026.
LA CIUDADANA SECRETARIO DEL JUZGADO QUINTO DE LO FAMILIAR DEL PRIMER DISTRITO JUDICIAL
LICENCIADA LILIANA NOHRA BERLANGA HERNÁNDEZ.
(22)
EDICTO

El día 24 veinticuatro de marzo del año 2026 dos mil veintiséis, se admitió a trámite en este Juzgado Segundo de lo Familiar Tercer Distrito Judicial del Estado, el juicio sucesorio de intestado a bienes de Antonio Saldaña García, denunciado ante esta autoridad, bajo el expediente judicial número 330/2026, ordenándose en ese acuerdo, la publicación de un edicto por una sola vez tanto en el periódico El Porvenir, así como en el Boletín Judicial que se edita en el Estado, convocándose a aquellas personas que se crean con derecho a la herencia, a fin de que acudan a deducirlo ante esta Autoridad en el término de 30-treinta días contados a partir del siguiente al de la Publicación. DOY FE. San Nicolás de los Garza, Nuevo León, a 11 de junio de 2026.

C. SECRETARIO ADSCRITO AL JUZGADO SEGUNDO DE LO FAMILIAR DEL TERCER DISTRITO JUDICIAL DEL ESTADO
LIC. ROLANDO ISIDRO TURRUBIARTES REYNAGA
(22)
AVISO NOTARIAL

En fecha del día (19) diecinueve del mes de mayo del año (2026) dos mil veintiséis, se radicó en esta Notaría a mi cargo, mediante el Acta Fuera de Protocolo número (100/260,809/2026), la SUCESIÓN INTESTAMENTARIA NOTARIAL A BIENES DEL JULIO ZAMARRIPA RODRÍGUEZ Y JOSEFINA ÁLVAREZ SEGOVIA habiéndose presentado ante el Suscrito a denunciar dicha Sucesión los señores AMALIA ZAMARRIPA ÁLVAREZ, MARÍA DE LA LUZ ZAMARRIPA ÁLVAREZ, IRMA ZAMARRIPA ÁLVAREZ, JUAN CARLOS ZAMARRIPA ÁLVAREZ Y JOSÉ JULIO ZAMARRIPA ÁLVAREZ, como únicos descendientes y además el señor AMALIA ZAMARRIPA ÁLVAREZ, como Albacea. Se publica este aviso por dos ocasiones de (10) diez en (10) diez días, en cumplimiento a lo dispuesto en el (II) segundo párrafo del artículo (882) ochocientos ochenta y dos del Código de Procedimientos Civiles del Estado, convocándose a las personas que se consideren con derecho a la herencia para que acudan a deducirlo dentro del término de treinta días contados a partir de la publicación de este aviso. ATENTAMENTE.

LICENCIADO MANUEL ÁNGEL VILLALÓN SALAZAR
NOTARIO PÚBLICO NÚMERO 100
VISM-530228-TWZ
SÉPTIMO DISTRITO
(22 y 2)
